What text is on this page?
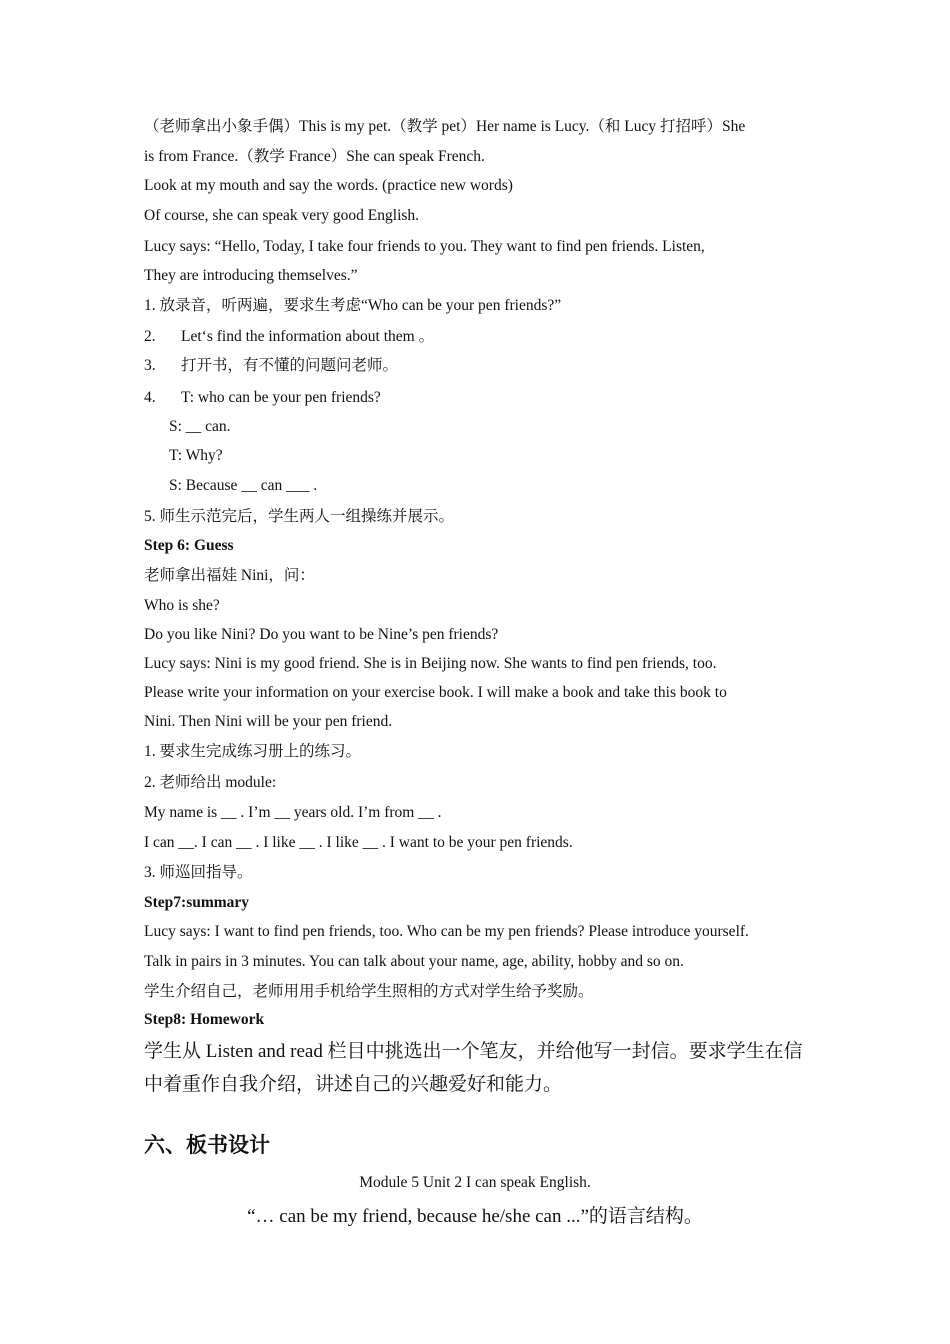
（老师拿出小象手偶）This is my pet.（教学 pet）Her name is Lucy.（和 Lucy 打招呼）She
is from France.（教学 France）She can speak French.
Look at my mouth and say the words. (practice new words)
Of course, she can speak very good English.
Lucy says: “Hello, Today, I take four friends to you. They want to find pen friends. Listen,
They are introducing themselves.”
1. 放录音，听两遍，要求生考虑“Who can be your pen friends?”
2. Let‘s find the information about them 。
3. 打开书，有不懂的问题问老师。
4. T: who can be your pen friends?
S: __ can.
T: Why?
S: Because __ can ___ .
5. 师生示范完后，学生两人一组操练并展示。
Step 6: Guess
老师拿出福娃 Nini，问：
Who is she?
Do you like Nini? Do you want to be Nine’s pen friends?
Lucy says: Nini is my good friend. She is in Beijing now. She wants to find pen friends, too.
Please write your information on your exercise book. I will make a book and take this book to
Nini. Then Nini will be your pen friend.
1. 要求生完成练习册上的练习。
2. 老师给出 module:
My name is __ . I’m __ years old. I’m from __ .
I can __. I can __ . I like __ . I like __ . I want to be your pen friends.
3. 师巡回指导。
Step7:summary
Lucy says: I want to find pen friends, too. Who can be my pen friends? Please introduce yourself.
Talk in pairs in 3 minutes. You can talk about your name, age, ability, hobby and so on.
学生介绍自己，老师用用手机给学生照相的方式对学生给予奖励。
Step8: Homework
学生从 Listen and read 栏目中挑选出一个笔友，并给他写一封信。要求学生在信
中着重作自我介绍，讲述自己的兴趣爱好和能力。
六、板书设计
Module 5 Unit 2 I can speak English.
“… can be my friend, because he/she can ...”的语言结构。
